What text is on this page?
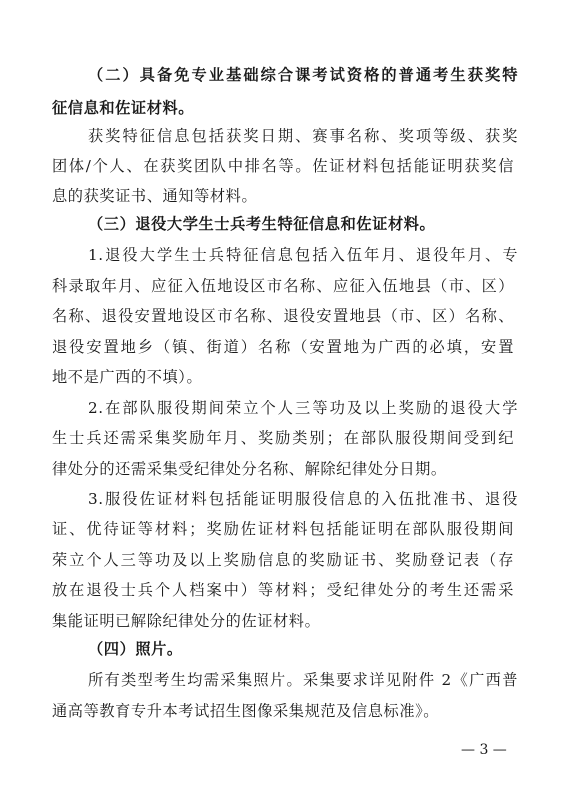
（二）具备免专业基础综合课考试资格的普通考生获奖特
征信息和佐证材料。
获奖特征信息包括获奖日期、赛事名称、奖项等级、获奖
团体/个人、在获奖团队中排名等。佐证材料包括能证明获奖信
息的获奖证书、通知等材料。
（三）退役大学生士兵考生特征信息和佐证材料。
1.退役大学生士兵特征信息包括入伍年月、退役年月、专
科录取年月、应征入伍地设区市名称、应征入伍地县（市、区）
名称、退役安置地设区市名称、退役安置地县（市、区）名称、
退役安置地乡（镇、街道）名称（安置地为广西的必填，安置
地不是广西的不填）。
2.在部队服役期间荣立个人三等功及以上奖励的退役大学
生士兵还需采集奖励年月、奖励类别；在部队服役期间受到纪
律处分的还需采集受纪律处分名称、解除纪律处分日期。
3.服役佐证材料包括能证明服役信息的入伍批准书、退役
证、优待证等材料；奖励佐证材料包括能证明在部队服役期间
荣立个人三等功及以上奖励信息的奖励证书、奖励登记表（存
放在退役士兵个人档案中）等材料；受纪律处分的考生还需采
集能证明已解除纪律处分的佐证材料。
（四）照片。
所有类型考生均需采集照片。采集要求详见附件 2《广西普
通高等教育专升本考试招生图像采集规范及信息标准》。
— 3 —
